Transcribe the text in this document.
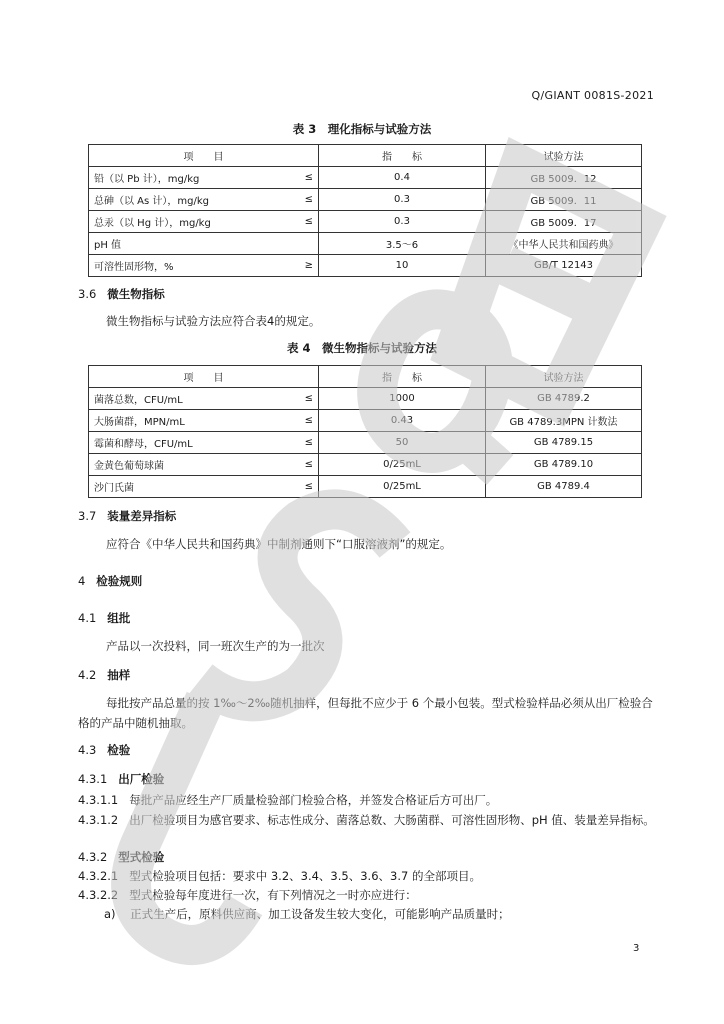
Q/GIANT 0081S-2021
表 3　理化指标与试验方法
项　　目		指　　标	试验方法
铅（以 Pb 计），mg/kg	≤	0.4	GB 5009．12
总砷（以 As 计），mg/kg	≤	0.3	GB 5009．11
总汞（以 Hg 计），mg/kg	≤	0.3	GB 5009．17
pH 值		3.5～6	《中华人民共和国药典》
可溶性固形物，%	≥	10	GB/T 12143
3.6 微生物指标
微生物指标与试验方法应符合表4的规定。
表 4　微生物指标与试验方法
项　　目		指　　标	试验方法
菌落总数，CFU/mL	≤	1000	GB 4789.2
大肠菌群，MPN/mL	≤	0.43	GB 4789.3MPN 计数法
霉菌和酵母，CFU/mL	≤	50	GB 4789.15
金黄色葡萄球菌	≤	0/25mL	GB 4789.10
沙门氏菌	≤	0/25mL	GB 4789.4
3.7 装量差异指标
应符合《中华人民共和国药典》中制剂通则下“口服溶液剂”的规定。
4 检验规则
4.1 组批
产品以一次投料，同一班次生产的为一批次
4.2 抽样
每批按产品总量的按 1‰～2‰随机抽样，但每批不应少于 6 个最小包装。型式检验样品必须从出厂检验合格的产品中随机抽取。
4.3 检验
4.3.1 出厂检验
4.3.1.1 每批产品应经生产厂质量检验部门检验合格，并签发合格证后方可出厂。
4.3.1.2 出厂检验项目为感官要求、标志性成分、菌落总数、大肠菌群、可溶性固形物、pH 值、装量差异指标。
4.3.2 型式检验
4.3.2.1 型式检验项目包括：要求中 3.2、3.4、3.5、3.6、3.7 的全部项目。
4.3.2.2 型式检验每年度进行一次，有下列情况之一时亦应进行：
a) 正式生产后，原料供应商、加工设备发生较大变化，可能影响产品质量时；
3
